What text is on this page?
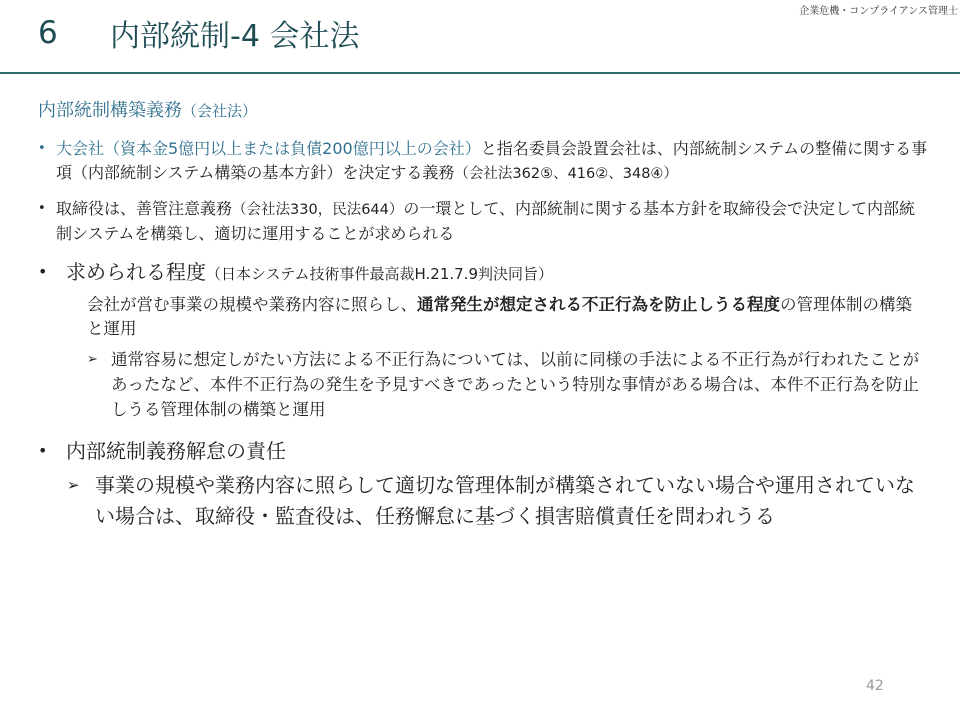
企業危機・コンプライアンス管理士
6	内部統制-4 会社法
内部統制構築義務（会社法）
• 大会社（資本金5億円以上または負債200億円以上の会社）と指名委員会設置会社は、内部統制システムの整備に関する事項（内部統制システム構築の基本方針）を決定する義務（会社法362⑤、416②、348④）
• 取締役は、善管注意義務（会社法330，民法644）の一環として、内部統制に関する基本方針を取締役会で決定して内部統制システムを構築し、適切に運用することが求められる
• 求められる程度（日本システム技術事件最高裁H.21.7.9判決同旨）
会社が営む事業の規模や業務内容に照らし、通常発生が想定される不正行為を防止しうる程度の管理体制の構築と運用
➢ 通常容易に想定しがたい方法による不正行為については、以前に同様の手法による不正行為が行われたことがあったなど、本件不正行為の発生を予見すべきであったという特別な事情がある場合は、本件不正行為を防止しうる管理体制の構築と運用
• 内部統制義務解怠の責任
➢ 事業の規模や業務内容に照らして適切な管理体制が構築されていない場合や運用されていない場合は、取締役・監査役は、任務懈怠に基づく損害賠償責任を問われうる
42
